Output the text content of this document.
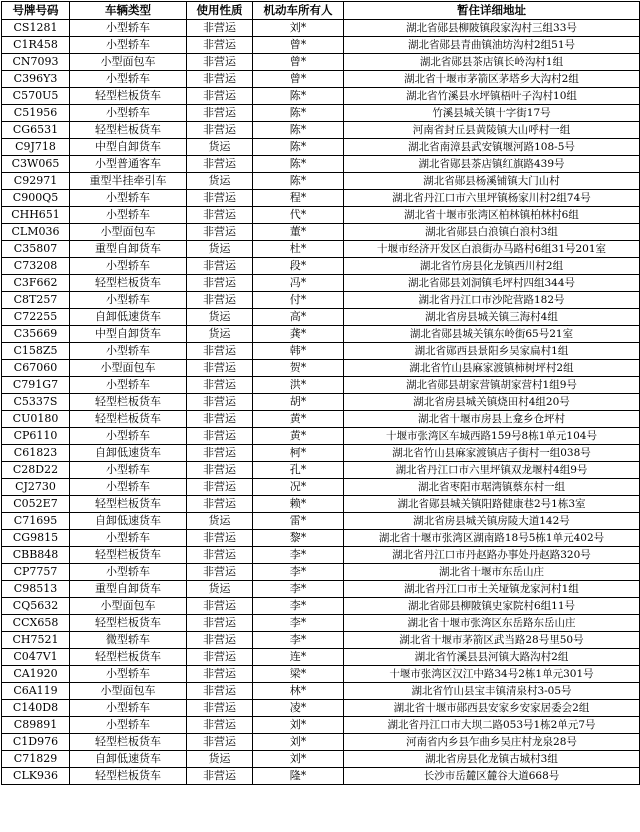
号牌号码	车辆类型	使用性质	机动车所有人	暂住详细地址
CS1281	小型轿车	非营运	刘*	湖北省郧县柳陂镇段家沟村三组33号
C1R458	小型轿车	非营运	曾*	湖北省郧县青曲镇油坊沟村2组51号
CN7093	小型面包车	非营运	曾*	湖北省郧县茶店镇长岭沟村1组
C396Y3	小型轿车	非营运	曾*	湖北省十堰市茅箭区茅塔乡大沟村2组
C570U5	轻型栏板货车	非营运	陈*	湖北省竹溪县水坪镇梧叶子沟村10组
C51956	小型轿车	非营运	陈*	竹溪县城关镇十字街17号
CG6531	轻型栏板货车	非营运	陈*	河南省封丘县黄陵镇大山呼村一组
C9J718	中型自卸货车	货运	陈*	湖北省南漳县武安镇堰河路108-5号
C3W065	小型普通客车	非营运	陈*	湖北省郧县茶店镇红旗路439号
C92971	重型半挂牵引车	货运	陈*	湖北省郧县杨溪铺镇大门山村
C900Q5	小型轿车	非营运	程*	湖北省丹江口市六里坪镇杨家川村2组74号
CHH651	小型轿车	非营运	代*	湖北省十堰市张湾区柏林镇柏林村6组
CLM036	小型面包车	非营运	董*	湖北省郧县白浪镇白浪村3组
C35807	重型自卸货车	货运	杜*	十堰市经济开发区白浪街办马路村6组31号201室
C73208	小型轿车	非营运	段*	湖北省竹房县化龙镇西川村2组
C3F662	轻型栏板货车	非营运	冯*	湖北省郧县刘洞镇毛坪村四组344号
C8T257	小型轿车	非营运	付*	湖北省丹江口市沙陀营路182号
C72255	自卸低速货车	货运	高*	湖北省房县城关镇三海村4组
C35669	中型自卸货车	货运	龚*	湖北省郧县城关镇东岭街65号21室
C158Z5	小型轿车	非营运	韩*	湖北省郧西县景阳乡吴家扁村1组
C67060	小型面包车	非营运	贺*	湖北省竹山县麻家渡镇柿树坪村2组
C791G7	小型轿车	非营运	洪*	湖北省郧县胡家营镇胡家营村1组9号
C5337S	轻型栏板货车	非营运	胡*	湖北省房县城关镇烧田村4组20号
CU0180	轻型栏板货车	非营运	黄*	湖北省十堰市房县上龛乡仓坪村
CP6110	小型轿车	非营运	黄*	十堰市张湾区车城西路159号8栋1单元104号
C61823	自卸低速货车	非营运	柯*	湖北省竹山县麻家渡镇店子街村一组038号
C28D22	小型轿车	非营运	孔*	湖北省丹江口市六里坪镇双龙堰村4组9号
CJ2730	小型轿车	非营运	况*	湖北省枣阳市琚湾镇蔡东村一组
C052E7	轻型栏板货车	非营运	赖*	湖北省郧县城关镇阳路健康巷2号1栋3室
C71695	自卸低速货车	货运	雷*	湖北省房县城关镇房陵大道142号
CG9815	小型轿车	非营运	黎*	湖北省十堰市张湾区湖南路18号5栋1单元402号
CBB848	轻型栏板货车	非营运	李*	湖北省丹江口市丹赵路办事处丹赵路320号
CP7757	小型轿车	非营运	李*	湖北省十堰市东岳山庄
C98513	重型自卸货车	货运	李*	湖北省丹江口市土关垭镇龙家河村1组
CQ5632	小型面包车	非营运	李*	湖北省郧县柳陂镇史家院村6组11号
CCX658	轻型栏板货车	非营运	李*	湖北省十堰市张湾区东岳路东岳山庄
CH7521	微型轿车	非营运	李*	湖北省十堰市茅箭区武当路28号里50号
C047V1	轻型栏板货车	非营运	连*	湖北省竹溪县县河镇大路沟村2组
CA1920	小型轿车	非营运	梁*	十堰市张湾区汉江中路34号2栋1单元301号
C6A119	小型面包车	非营运	林*	湖北省竹山县宝丰镇清泉村3-05号
C140D8	小型轿车	非营运	凌*	湖北省十堰市郧西县安家乡安家居委会2组
C89891	小型轿车	非营运	刘*	湖北省丹江口市大坝二路053号1栋2单元7号
C1D976	轻型栏板货车	非营运	刘*	河南省内乡县乍曲乡吴庄村龙泉28号
C71829	自卸低速货车	货运	刘*	湖北省房县化龙镇古城村3组
CLK936	轻型栏板货车	非营运	隆*	长沙市岳麓区麓谷大道668号
